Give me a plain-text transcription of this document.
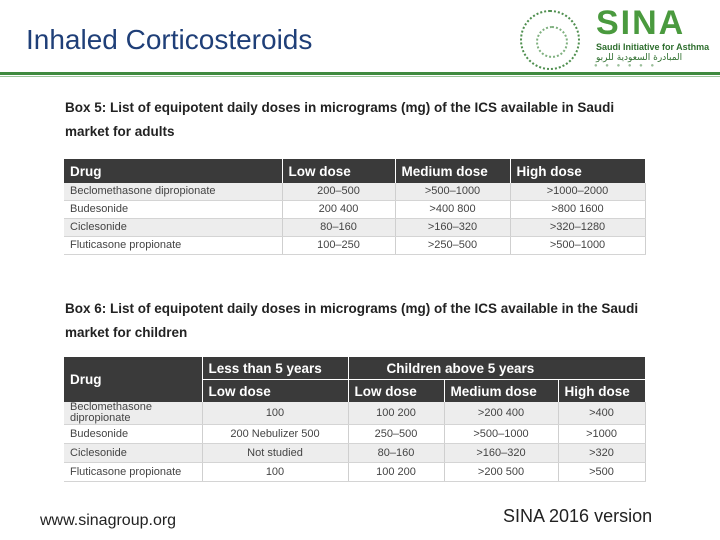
Inhaled Corticosteroids	SINA
Saudi Initiative for Asthma
المبادرة السعودية للربو
● ● ● ● ● ●
Box 5: List of equipotent daily doses in micrograms (mg) of the ICS available in Saudi market for adults
Drug	Low dose	Medium dose	High dose
Beclomethasone dipropionate	200–500	>500–1000	>1000–2000
Budesonide	200 400	>400 800	>800 1600
Ciclesonide	80–160	>160–320	>320–1280
Fluticasone propionate	100–250	>250–500	>500–1000
Box 6: List of equipotent daily doses in micrograms (mg) of the ICS available in the Saudi market for children
Drug	Less than 5 years	Children above 5 years		
	Low dose	Low dose	Medium dose	High dose
Beclomethasone dipropionate	100	100 200	>200 400	>400
Budesonide	200 Nebulizer 500	250–500	>500–1000	>1000
Ciclesonide	Not studied	80–160	>160–320	>320
Fluticasone propionate	100	100 200	>200 500	>500
www.sinagroup.org	SINA 2016 version
